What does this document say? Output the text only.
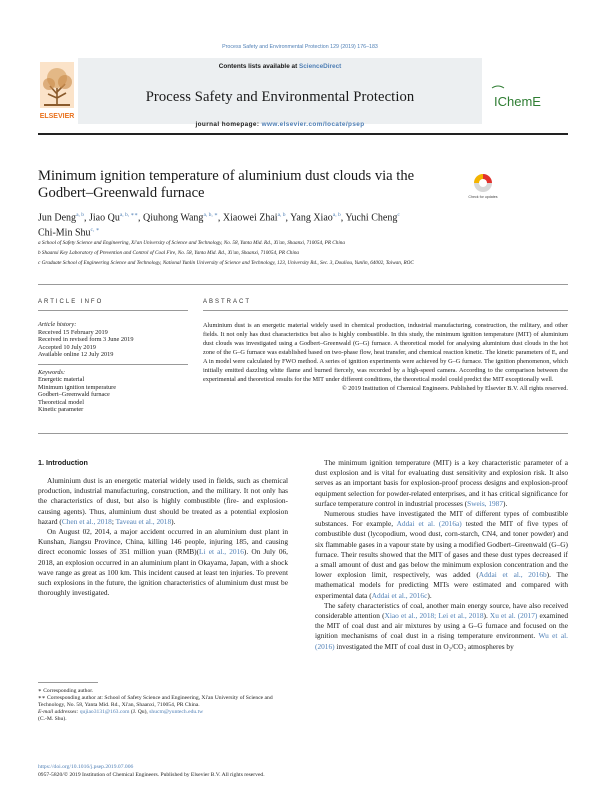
Process Safety and Environmental Protection 129 (2019) 176–183
ELSEVIER
Contents lists available at ScienceDirect
Process Safety and Environmental Protection
journal homepage: www.elsevier.com/locate/psep
IChemE
Minimum ignition temperature of aluminium dust clouds via the
Godbert–Greenwald furnace	Check for updates
Jun Deng$^{a, b}$, Jiao $Qu^{a, b, ∗∗}$, Qiuhong Wang$^{a, b, ∗}$, Xiaowei Zhai$^{a, b}$, Yang Xiao$^{a, b}$, Yuchi Cheng$^c$
Chi-Min Shu$^{c, ∗}$
a School of Safety Science and Engineering, Xi'an University of Science and Technology, No. 58, Yanta Mid. Rd., Xi'an, Shaanxi, 710054, PR China
b Shaanxi Key Laboratory of Prevention and Control of Coal Fire, No. 58, Yanta Mid. Rd., Xi'an, Shaanxi, 710054, PR China
c Graduate School of Engineering Science and Technology, National Yunlin University of Science and Technology, 123, University Rd., Sec. 3, Douliou, Yunlin, 64002, Taiwan, ROC
ARTICLE INFO
Article history:
Received 15 February 2019
Received in revised form 3 June 2019
Accepted 10 July 2019
Available online 12 July 2019
Keywords:
Energetic material
Minimum ignition temperature
Godbert–Greenwald furnace
Theoretical model
Kinetic parameter
ABSTRACT
Aluminium dust is an energetic material widely used in chemical production, industrial manufacturing, construction, the military, and other fields. It not only has dust characteristics but also is highly combustible. In this study, the minimum ignition temperature (MIT) of aluminium dust clouds was investigated using a Godbert–Greenwald (G–G) furnace. A theoretical model for analysing aluminium dust clouds in the hot zone of the G–G furnace was established based on two-phase flow, heat transfer, and chemical reaction kinetic. The kinetic parameters of Eₐ and A in model were calculated by FWO method. A series of ignition experiments were achieved by G–G furnace. The ignition phenomenon, which initially emitted dazzling white flame and burned fiercely, was recorded by a high-speed camera. According to the comparison between the experimental and theoretical results for the MIT under different conditions, the theoretical model could predict the MIT exceptionally well.
© 2019 Institution of Chemical Engineers. Published by Elsevier B.V. All rights reserved.
1. Introduction

Aluminium dust is an energetic material widely used in fields, such as chemical production, industrial manufacturing, construction, and the military. It not only has the characteristics of dust, but also is highly combustible (fire- and explosion-causing agents). Thus, aluminium dust should be treated as a potential explosion hazard (Chen et al., 2018; Taveau et al., 2018).

On August 02, 2014, a major accident occurred in an aluminium dust plant in Kunshan, Jiangsu Province, China, killing 146 people, injuring 185, and causing direct economic losses of 351 million yuan (RMB)(Li et al., 2016). On July 06, 2018, an explosion occurred in an aluminium plant in Okayama, Japan, with a shock wave range as great as 100 km. This incident caused at least ten injuries. To prevent such explosions in the future, the ignition characteristics of aluminium dust must be thoroughly investigated.

The minimum ignition temperature (MIT) is a key characteristic parameter of a dust explosion and is vital for evaluating dust sensitivity and explosion risk. It also serves as an important basis for explosion-proof process designs and explosion-proof equipment selection for powder-related enterprises, and it has critical significance for surface temperature control in industrial processes (Sweis, 1987).

Numerous studies have investigated the MIT of different types of combustible substances. For example, Addai et al. (2016a) tested the MIT of five types of combustible dust (lycopodium, wood dust, corn-starch, CN4, and toner powder) and six flammable gases in a vapour state by using a modified Godbert–Greenwald (G–G) furnace. Their results showed that the MIT of gases and these dust types decreased if a small amount of dust and gas below the minimum explosion concentration and the lower explosion limit, respectively, was added (Addai et al., 2016b). The mathematical models for predicting MITs were estimated and compared with experimental data (Addai et al., 2016c).

The safety characteristics of coal, another main energy source, have also received considerable attention (Xiao et al., 2018; Lei et al., 2018). Xu et al. (2017) examined the MIT of coal dust and air mixtures by using a G–G furnace and focused on the ignition mechanisms of coal dust in a rising temperature environment. Wu et al. (2016) investigated the MIT of coal dust in O₂/CO₂ atmospheres by

∗ Corresponding author.
∗∗ Corresponding author at: School of Safety Science and Engineering, Xi'an University of Science and Technology, No. 58, Yanta Mid. Rd., Xi'an, Shaanxi, 710054, PR China.
E-mail addresses: qujiao3131@163.com (J. Qu), shucm@yuntech.edu.tw
(C.-M. Shu).
https://doi.org/10.1016/j.psep.2019.07.006
0957-5820/© 2019 Institution of Chemical Engineers. Published by Elsevier B.V. All rights reserved.
